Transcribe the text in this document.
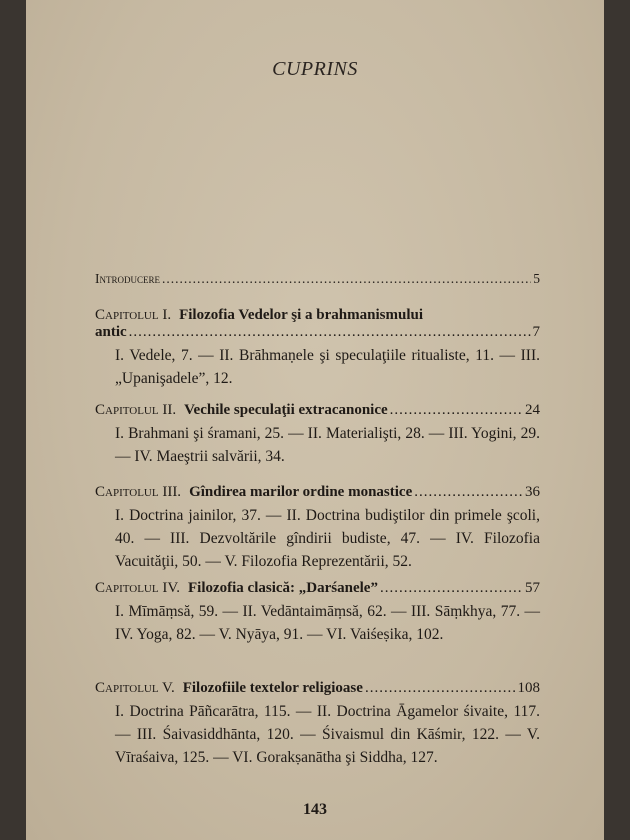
CUPRINS
Introducere .....	5
Capitolul I. Filozofia Vedelor şi a brahmanismului
antic .....	7
I. Vedele, 7. — II. Brāhmaṇele şi speculaţiile ritualiste, 11. — III. „Upanişadele”, 12.
Capitolul II. Vechile speculaţii extracanonice .....	24
I. Brahmani şi śramani, 25. — II. Materialişti, 28. — III. Yogini, 29. — IV. Maeştrii salvării, 34.
Capitolul III. Gîndirea marilor ordine monastice .....	36
I. Doctrina jainilor, 37. — II. Doctrina budiştilor din primele şcoli, 40. — III. Dezvoltările gîndirii budiste, 47. — IV. Filozofia Vacuităţii, 50. — V. Filozofia Reprezentării, 52.
Capitolul IV. Filozofia clasică: „Darśanele” .....	57
I. Mīmāṃsă, 59. — II. Vedāntaimāṃsă, 62. — III. Sāṃkhya, 77. — IV. Yoga, 82. — V. Nyāya, 91. — VI. Vaiśeṣika, 102.
Capitolul V. Filozofiile textelor religioase .....	108
I. Doctrina Pāñcarātra, 115. — II. Doctrina Āgamelor śivaite, 117. — III. Śaivasiddhānta, 120. — Śivaismul din Kāśmir, 122. — V. Vīraśaiva, 125. — VI. Gorakṣanātha şi Siddha, 127.
143
